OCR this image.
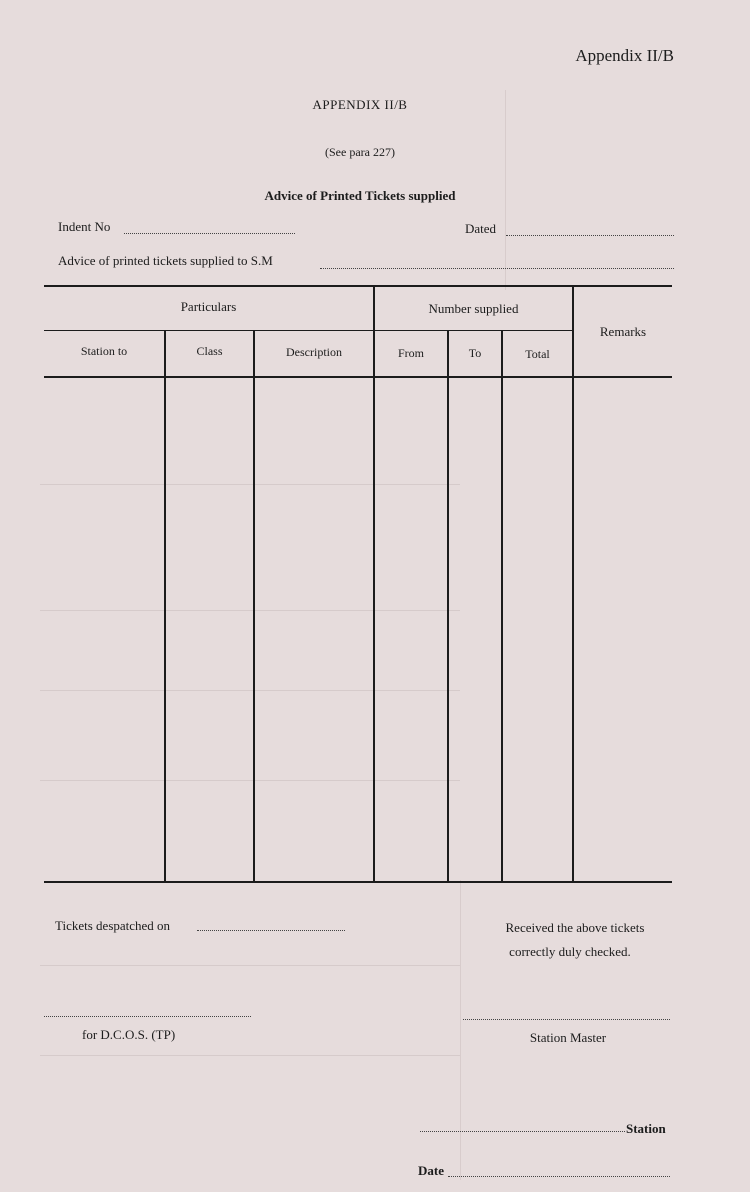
Appendix II/B
APPENDIX II/B
(See para 227)
Advice of Printed Tickets supplied
Indent No	Dated
Advice of printed tickets supplied to S.M
Particulars	Number supplied
Remarks
Station to	Class	Description	From	To	Total
Tickets despatched on	Received the above tickets
correctly duly checked.
for D.C.O.S. (TP)	Station Master
Station
Date
